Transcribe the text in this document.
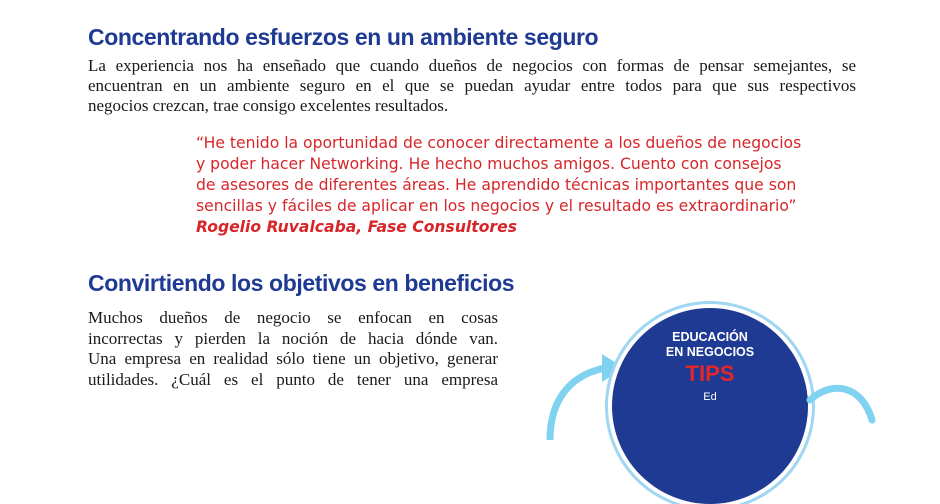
Concentrando esfuerzos en un ambiente seguro
La experiencia nos ha enseñado que cuando dueños de negocios con formas de pensar semejantes, se
encuentran en un ambiente seguro en el que se puedan ayudar entre todos para que sus respectivos
negocios crezcan, trae consigo excelentes resultados.
“He tenido la oportunidad de conocer directamente a los dueños de negocios
y poder hacer Networking. He hecho muchos amigos. Cuento con consejos
de asesores de diferentes áreas. He aprendido técnicas importantes que son
sencillas y fáciles de aplicar en los negocios y el resultado es extraordinario”
Rogelio Ruvalcaba, Fase Consultores
Convirtiendo los objetivos en beneficios
Muchos dueños de negocio se enfocan en cosas
incorrectas y pierden la noción de hacia dónde van.
Una empresa en realidad sólo tiene un objetivo, generar
utilidades. ¿Cuál es el punto de tener una empresa
EDUCACIÓN
EN NEGOCIOS
TIPS
Ed
